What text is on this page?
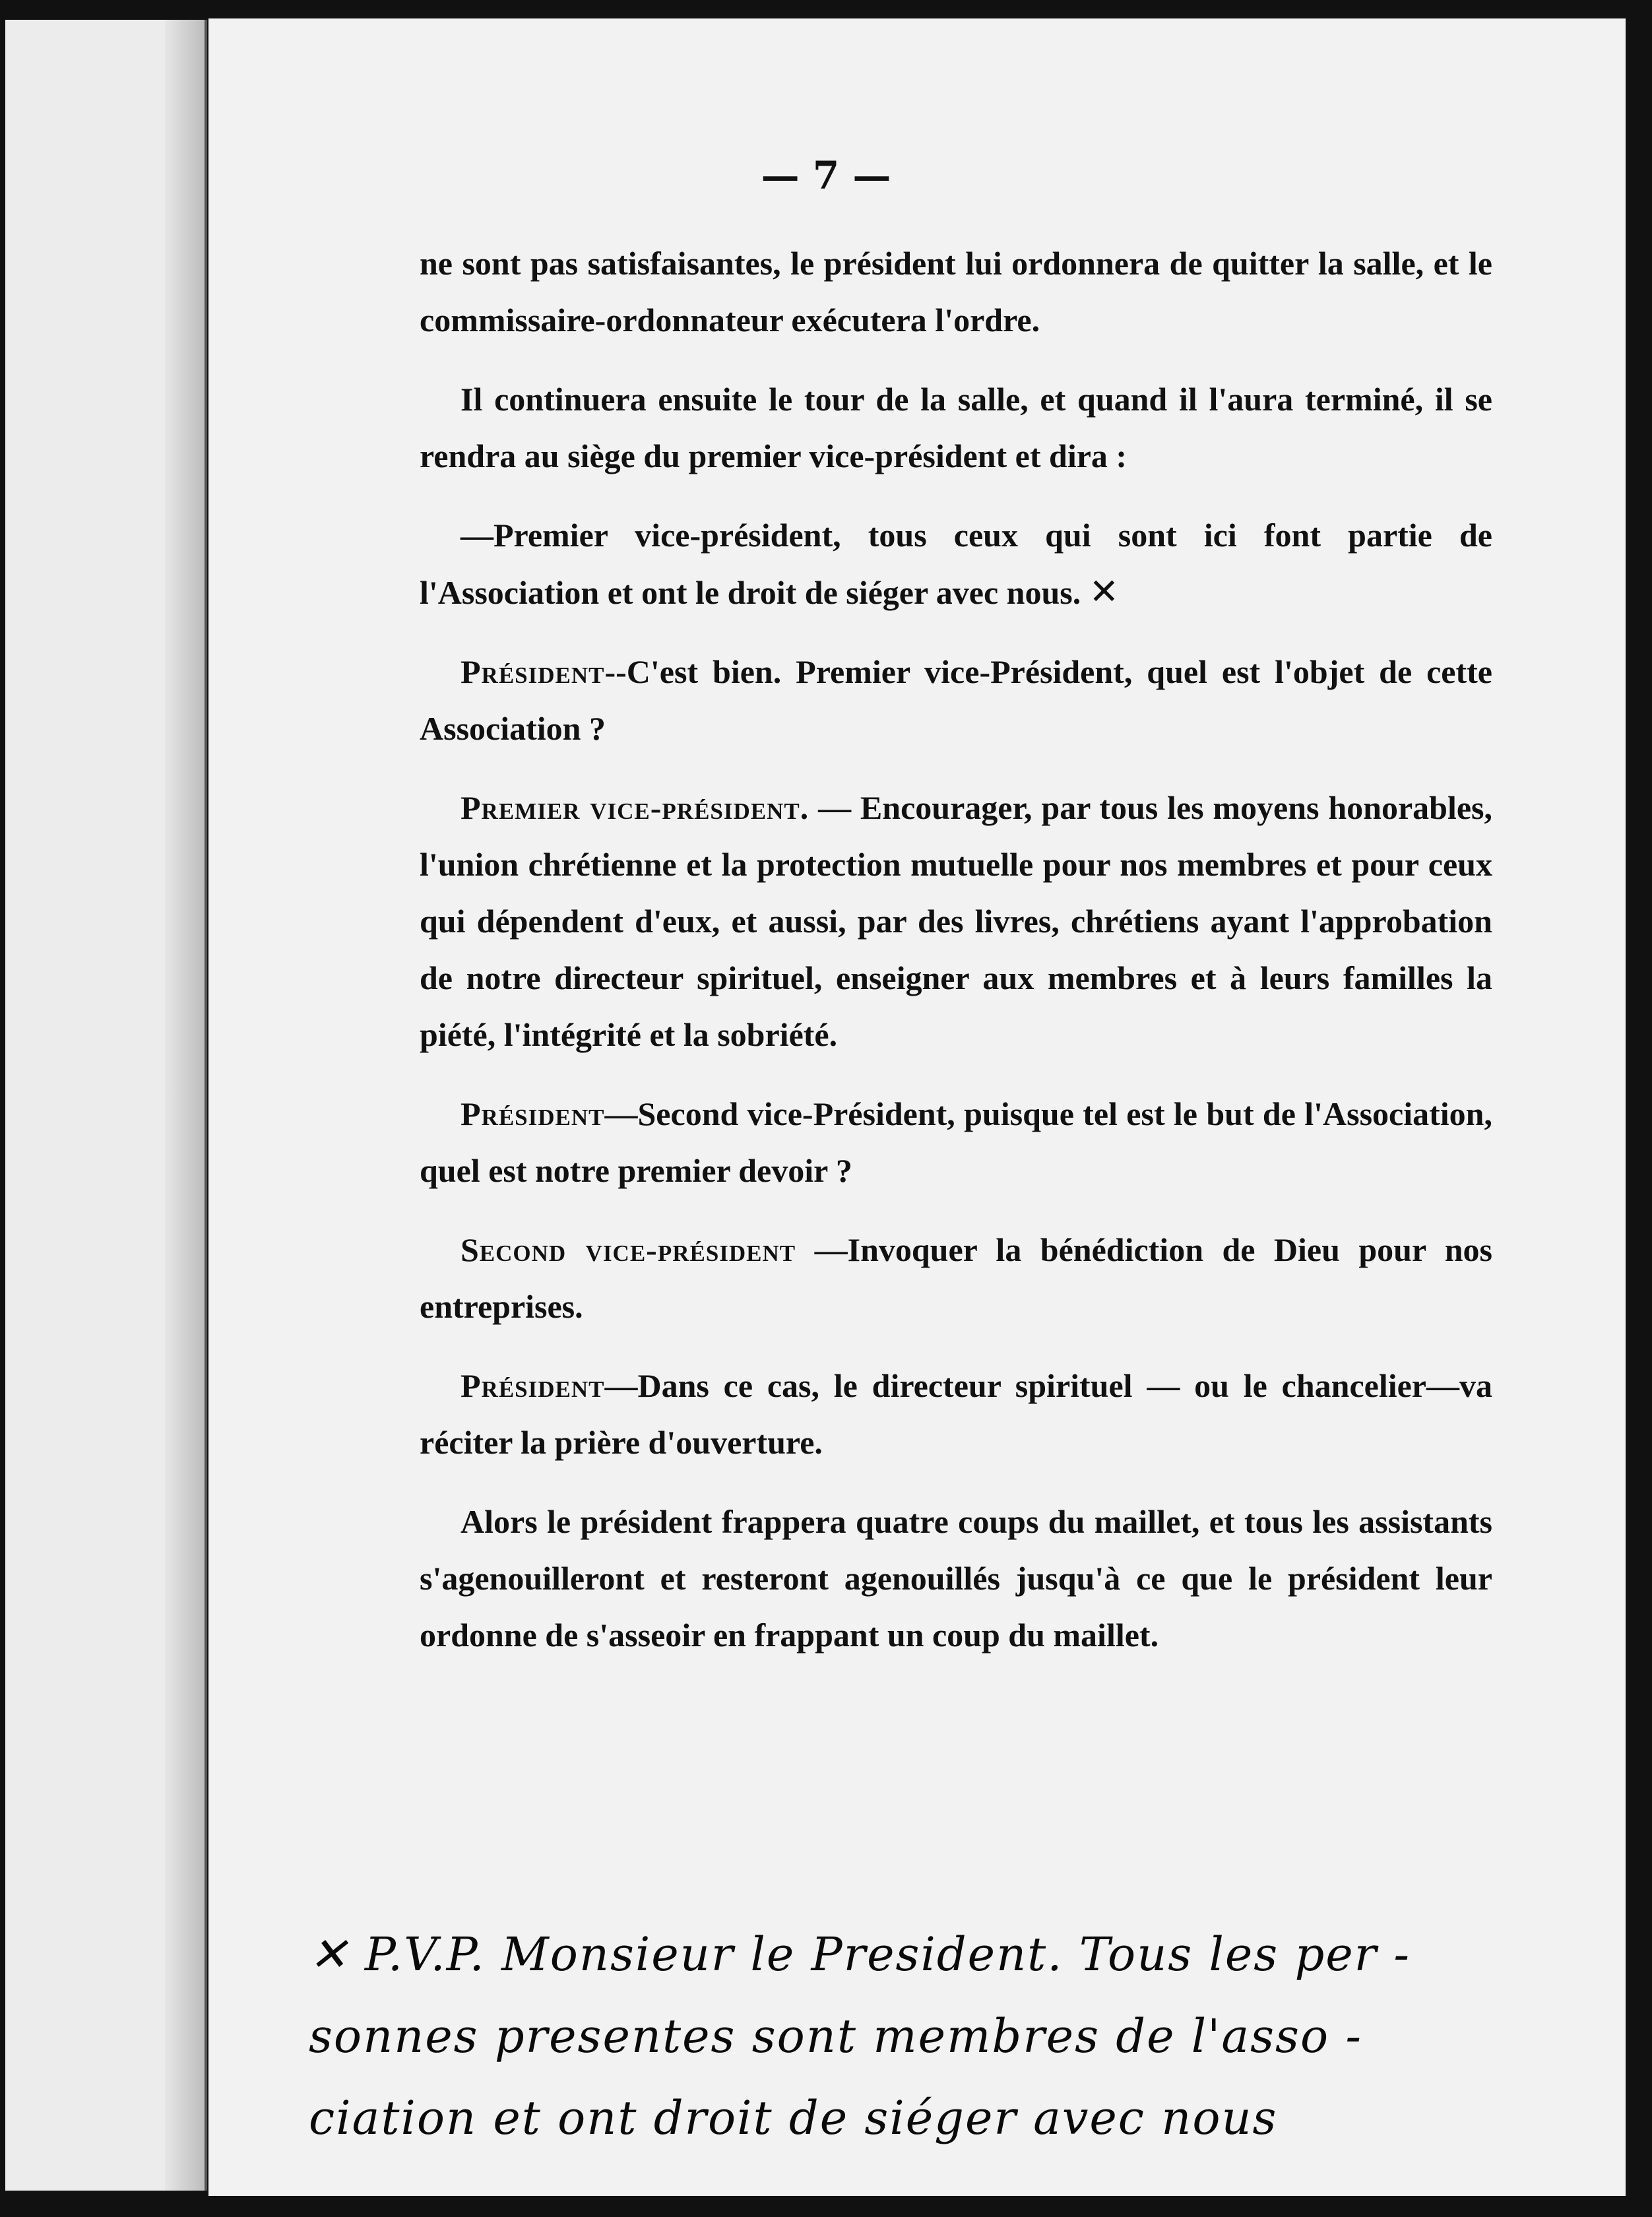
— 7 —

ne sont pas satisfaisantes, le président lui ordonnera de quitter la salle, et le commissaire-ordonnateur exécutera l'ordre.

Il continuera ensuite le tour de la salle, et quand il l'aura terminé, il se rendra au siège du premier vice-président et dira :

—Premier vice-président, tous ceux qui sont ici font partie de l'Association et ont le droit de siéger avec nous. ✕

Président--C'est bien. Premier vice-Président, quel est l'objet de cette Association ?

Premier vice-président. — Encourager, par tous les moyens honorables, l'union chrétienne et la protection mutuelle pour nos membres et pour ceux qui dépendent d'eux, et aussi, par des livres, chrétiens ayant l'approbation de notre directeur spirituel, enseigner aux membres et à leurs familles la piété, l'intégrité et la sobriété.

Président—Second vice-Président, puisque tel est le but de l'Association, quel est notre premier devoir ?

Second vice-président —Invoquer la bénédiction de Dieu pour nos entreprises.

Président—Dans ce cas, le directeur spirituel — ou le chancelier—va réciter la prière d'ouverture.

Alors le président frappera quatre coups du maillet, et tous les assistants s'agenouilleront et resteront agenouillés jusqu'à ce que le président leur ordonne de s'asseoir en frappant un coup du maillet.

✕ P.V.P. Monsieur le President. Tous les per -

sonnes presentes sont membres de l'asso -

ciation et ont droit de siéger avec nous
